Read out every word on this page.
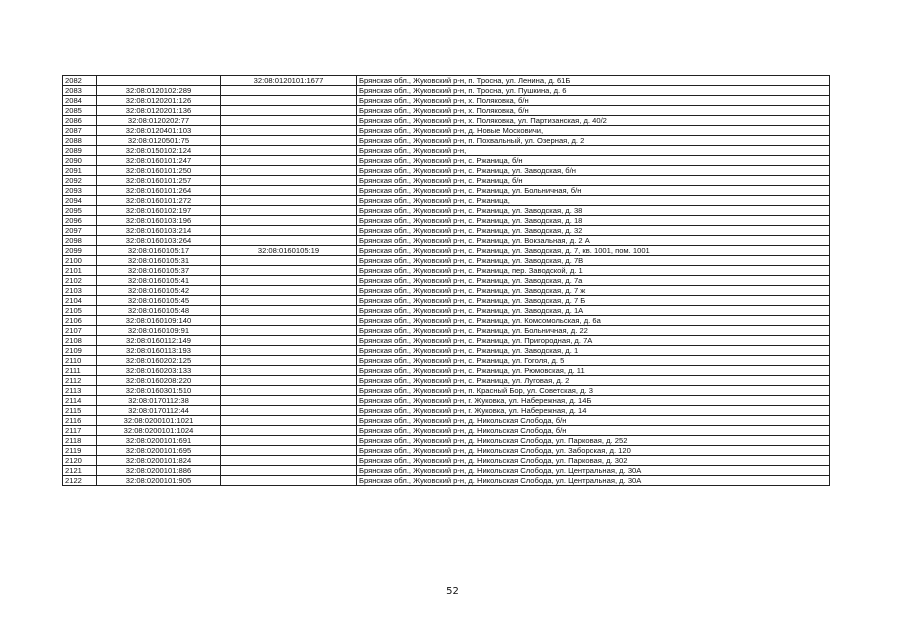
2082		32:08:0120101:1677	Брянская обл., Жуковский р-н, п. Тросна, ул. Ленина, д. 61Б
2083	32:08:0120102:289		Брянская обл., Жуковский р-н, п. Тросна, ул. Пушкина, д. 6
2084	32:08:0120201:126		Брянская обл., Жуковский р-н, х. Поляковка, б/н
2085	32:08:0120201:136		Брянская обл., Жуковский р-н, х. Поляковка, б/н
2086	32:08:0120202:77		Брянская обл., Жуковский р-н, х. Поляковка, ул. Партизанская, д. 40/2
2087	32:08:0120401:103		Брянская обл., Жуковский р-н, д. Новые Московичи,
2088	32:08:0120501:75		Брянская обл., Жуковский р-н, п. Похвальный, ул. Озерная, д. 2
2089	32:08:0150102:124		Брянская обл., Жуковский р-н,
2090	32:08:0160101:247		Брянская обл., Жуковский р-н, с. Ржаница, б/н
2091	32:08:0160101:250		Брянская обл., Жуковский р-н, с. Ржаница, ул. Заводская, б/н
2092	32:08:0160101:257		Брянская обл., Жуковский р-н, с. Ржаница, б/н
2093	32:08:0160101:264		Брянская обл., Жуковский р-н, с. Ржаница, ул. Больничная, б/н
2094	32:08:0160101:272		Брянская обл., Жуковский р-н, с. Ржаница,
2095	32:08:0160102:197		Брянская обл., Жуковский р-н, с. Ржаница, ул. Заводская, д. 38
2096	32:08:0160103:196		Брянская обл., Жуковский р-н, с. Ржаница, ул. Заводская, д. 18
2097	32:08:0160103:214		Брянская обл., Жуковский р-н, с. Ржаница, ул. Заводская, д. 32
2098	32:08:0160103:264		Брянская обл., Жуковский р-н, с. Ржаница, ул. Вокзальная, д. 2 А
2099	32:08:0160105:17	32:08:0160105:19	Брянская обл., Жуковский р-н, с. Ржаница, ул. Заводская, д. 7, кв. 1001, пом. 1001
2100	32:08:0160105:31		Брянская обл., Жуковский р-н, с. Ржаница, ул. Заводская, д. 7В
2101	32:08:0160105:37		Брянская обл., Жуковский р-н, с. Ржаница, пер. Заводской, д. 1
2102	32:08:0160105:41		Брянская обл., Жуковский р-н, с. Ржаница, ул. Заводская, д. 7а
2103	32:08:0160105:42		Брянская обл., Жуковский р-н, с. Ржаница, ул. Заводская, д. 7 ж
2104	32:08:0160105:45		Брянская обл., Жуковский р-н, с. Ржаница, ул. Заводская, д. 7 Б
2105	32:08:0160105:48		Брянская обл., Жуковский р-н, с. Ржаница, ул. Заводская, д. 1А
2106	32:08:0160109:140		Брянская обл., Жуковский р-н, с. Ржаница, ул. Комсомольская, д. 6а
2107	32:08:0160109:91		Брянская обл., Жуковский р-н, с. Ржаница, ул. Больничная, д. 22
2108	32:08:0160112:149		Брянская обл., Жуковский р-н, с. Ржаница, ул. Пригородная, д. 7А
2109	32:08:0160113:193		Брянская обл., Жуковский р-н, с. Ржаница, ул. Заводская, д. 1
2110	32:08:0160202:125		Брянская обл., Жуковский р-н, с. Ржаница, ул. Гоголя, д. 5
2111	32:08:0160203:133		Брянская обл., Жуковский р-н, с. Ржаница, ул. Рюмовская, д. 11
2112	32:08:0160208:220		Брянская обл., Жуковский р-н, с. Ржаница, ул. Луговая, д. 2
2113	32:08:0160301:510		Брянская обл., Жуковский р-н, п. Красный Бор, ул. Советская, д. 3
2114	32:08:0170112:38		Брянская обл., Жуковский р-н, г. Жуковка, ул. Набережная, д. 14Б
2115	32:08:0170112:44		Брянская обл., Жуковский р-н, г. Жуковка, ул. Набережная, д. 14
2116	32:08:0200101:1021		Брянская обл., Жуковский р-н, д. Никольская Слобода, б/н
2117	32:08:0200101:1024		Брянская обл., Жуковский р-н, д. Никольская Слобода, б/н
2118	32:08:0200101:691		Брянская обл., Жуковский р-н, д. Никольская Слобода, ул. Парковая, д. 252
2119	32:08:0200101:695		Брянская обл., Жуковский р-н, д. Никольская Слобода, ул. Заборская, д. 120
2120	32:08:0200101:824		Брянская обл., Жуковский р-н, д. Никольская Слобода, ул. Парковая, д. 302
2121	32:08:0200101:886		Брянская обл., Жуковский р-н, д. Никольская Слобода, ул. Центральная, д. 30А
2122	32:08:0200101:905		Брянская обл., Жуковский р-н, д. Никольская Слобода, ул. Центральная, д. 30А
52
